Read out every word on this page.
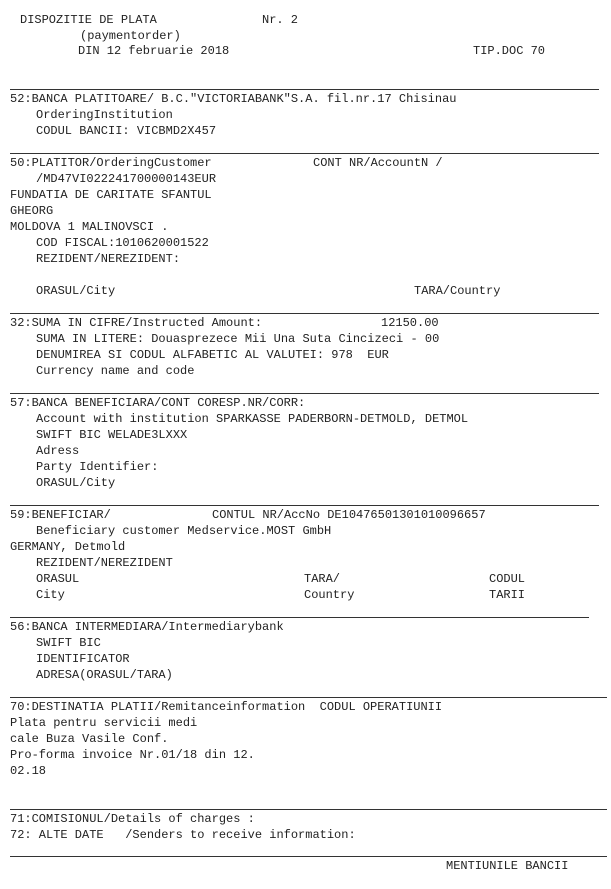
DISPOZITIE DE PLATA	Nr. 2
(paymentorder)
DIN 12 februarie 2018	TIP.DOC 70
52:BANCA PLATITOARE/ B.C."VICTORIABANK"S.A. fil.nr.17 Chisinau
OrderingInstitution
CODUL BANCII: VICBMD2X457
50:PLATITOR/OrderingCustomer	CONT NR/AccountN /
/MD47VI022241700000143EUR
FUNDATIA DE CARITATE SFANTUL
GHEORG
MOLDOVA 1 MALINOVSCI .
COD FISCAL:1010620001522
REZIDENT/NEREZIDENT:
ORASUL/City	TARA/Country
32:SUMA IN CIFRE/Instructed Amount:	12150.00
SUMA IN LITERE: Douasprezece Mii Una Suta Cincizeci - 00
DENUMIREA SI CODUL ALFABETIC AL VALUTEI: 978  EUR
Currency name and code
57:BANCA BENEFICIARA/CONT CORESP.NR/CORR:
Account with institution SPARKASSE PADERBORN-DETMOLD, DETMOL
SWIFT BIC WELADE3LXXX
Adress
Party Identifier:
ORASUL/City
59:BENEFICIAR/	CONTUL NR/AccNo DE10476501301010096657
Beneficiary customer Medservice.MOST GmbH
GERMANY, Detmold
REZIDENT/NEREZIDENT
ORASUL	TARA/	CODUL
City	Country	TARII
56:BANCA INTERMEDIARA/Intermediarybank
SWIFT BIC
IDENTIFICATOR
ADRESA(ORASUL/TARA)
70:DESTINATIA PLATII/Remitanceinformation  CODUL OPERATIUNII
Plata pentru servicii medi
cale Buza Vasile Conf.
Pro-forma invoice Nr.01/18 din 12.
02.18
71:COMISIONUL/Details of charges :
72: ALTE DATE   /Senders to receive information:
MENTIUNILE BANCII
